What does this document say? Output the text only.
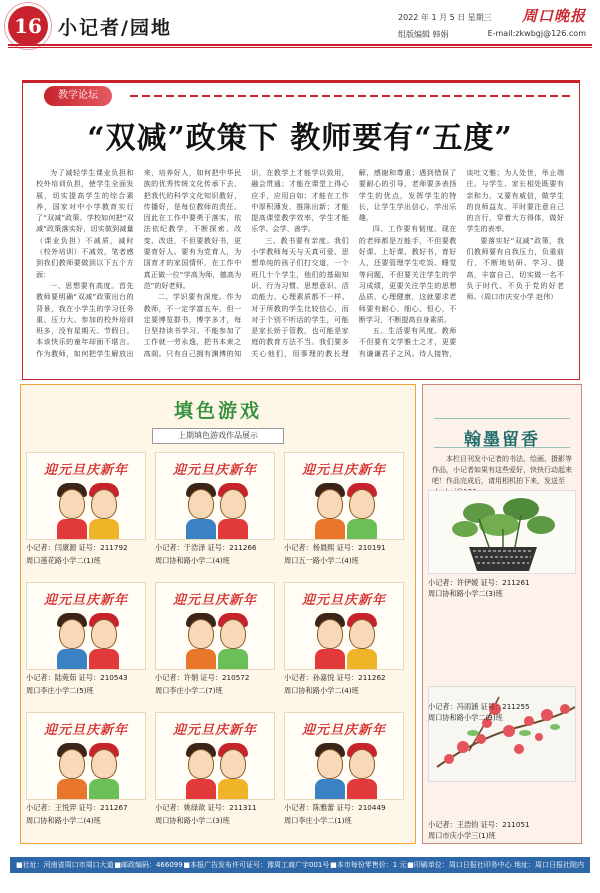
16 小记者/园地	2022 年 1 月 5 日 星期三
组版编辑 韩娟
周口晚报
E-mail:zkwbgj@126.com
教学论坛
“双减”政策下 教师要有“五度”

为了减轻学生课业负担和校外培训负担，使学生全面发展，切实提高学生的综合素养，国家对中小学教育实行了“双减”政策。学校如何把“双减”政策落实好，切实做到减量（课业负担）不减质，减时（校外培训）不减效，笔者感到我们教师要做到以下五个方面：

一、思想要有高度。首先教师要明确“双减”政策出台的背景，我在小学生的学习任务重、压力大、参加的校外培训班多，没有星期天、节假日。本该快乐的童年却面不堪言。作为教师，如何把学生解放出来，培养好人，如何把中华民族的优秀传统文化传承下去，把我代的科学文化知识教好，传播好，是每位教师的责任。因此在工作中要勇于落实，依法依纪教学，不断探索、改变、改进，不但要教好书，更要育好人。要有为党育人，为国育才的家国情怀，在工作中真正做一位“学高为师，德高为范”的好老师。

二、学识要有深度。作为教师，不一定学富五车，但一定要博览群书，博学多才，每日坚持读书学习。不能参加了工作就一劳永逸，把书本束之高阁。只有自己拥有渊博的知识，在教学上才能学以致用，融会贯通；才能在课堂上得心应手，应用自如；才能在工作中厚积薄发，推陈出新；才能提高课堂教学效率，学生才能乐学、会学、善学。

三、教书要有亲度。我们小学教师每天与天真可爱、思想单纯的孩子们打交道，一个班几十个学生，他们的基础知识、行为习惯、思想意识、活动能力、心理素质都不一样。对于所教的学生比较信心，而对于个别不听话的学生，可能是家长娇于管教，也可能是家庭的教育方法不当。我们要多关心他们，用事理的教长理解，感谢和尊重；遇到错误了要耐心的引导，老师要多表扬学生的优点，发挥学生的特长，让学生学出信心，学出乐趣。

四、工作要有韧度。现在的老师都是万能手，不但要教好课、上好课、教好书，育好人，还要管理学生吃饭、睡觉等问题，不但要关注学生的学习成绩，更要关注学生的思想品质、心理健康，这就要求老师要有耐心、细心、恒心，不断学习，不断提高自身素质。

五、生活要有风度。教师不但要有文学雅士之才，更要有谦谦君子之风。待人接物，谈吐文雅；为人处世，举止端庄。与学生、家长相处既要有亲和力，又要有威信，做学生的良师益友。平时要注意自己的言行，穿着大方得体，做好学生的表率。

要落实好“双减”政策，我们教师要有自我压力，负重前行，不断地钻研、学习、提高，丰富自己，切实做一名不负于时代、不负于党的好老师。（周口市庆安小学 赵伟）

填色游戏
上期填色游戏作品展示
迎元旦庆新年
小记者：闫康源 证号：211792
周口莲花路小学二(1)班
迎元旦庆新年
小记者：于浩泽 证号：211266
周口协和路小学二(4)班
迎元旦庆新年
小记者：杨晨熙 证号：210191
周口五一路小学二(4)班
迎元旦庆新年
小记者：陆菀茹 证号：210543
周口李庄小学二(5)班
迎元旦庆新年
小记者：许娟 证号：210572
周口李庄小学二(7)班
迎元旦庆新年
小记者：孙嘉悦 证号：211262
周口协和路小学二(4)班
迎元旦庆新年
小记者：王悦羿 证号：211267
周口协和路小学二(4)班
迎元旦庆新年
小记者：姚绿歆 证号：211311
周口协和路小学二(3)班
迎元旦庆新年
小记者：陈雅蕾 证号：210449
周口李庄小学二(1)班
翰墨留香
本栏目刊发小记者的书法、绘画、摄影等作品，小记者如果有这些爱好，快快行动起来吧！作品完成后，请用相机拍下来，发送至
小记者：许伊媛 证号：211261
周口协和路小学二(3)班
小记者：冯雨涵 证号：211255
周口协和路小学二(3)班
小记者：王浩钧 证号：211051
周口市庆小学三(1)班
■社址：河南省周口市周口大道 ■邮政编码：466099 ■本报广告发布许可证号：豫周工商广字001号 ■本市每份零售价：1 元 ■印刷单位：周口日报社印务中心 地址：周口日报社院内
